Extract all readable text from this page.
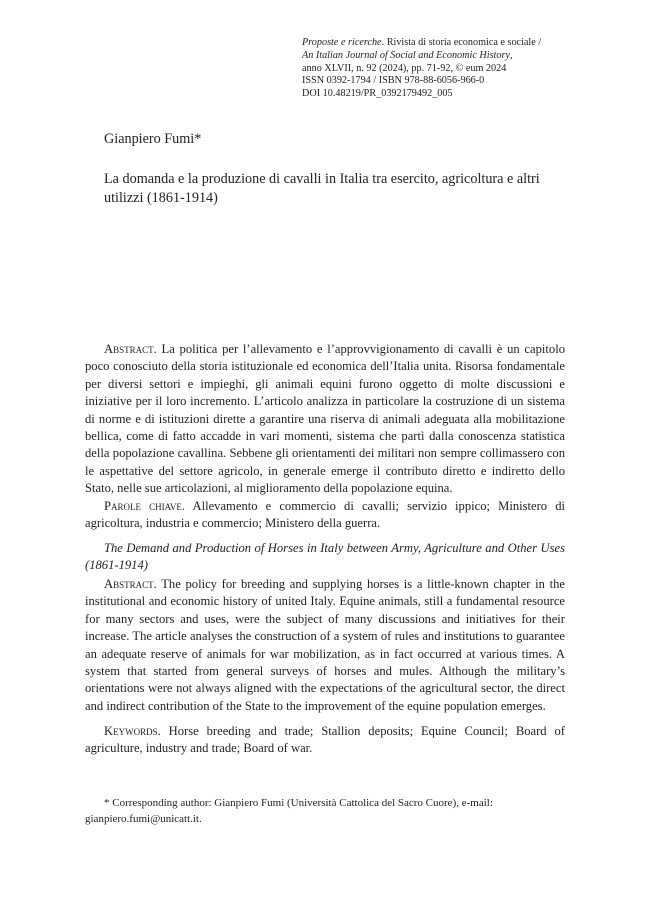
Proposte e ricerche. Rivista di storia economica e sociale /
An Italian Journal of Social and Economic History,
anno XLVII, n. 92 (2024), pp. 71-92, © eum 2024
ISSN 0392-1794 / ISBN 978-88-6056-966-0
DOI 10.48219/PR_0392179492_005
Gianpiero Fumi*
La domanda e la produzione di cavalli in Italia tra esercito, agricoltura e altri utilizzi (1861-1914)

Abstract. La politica per l’allevamento e l’approvvigionamento di cavalli è un capitolo poco conosciuto della storia istituzionale ed economica dell’Italia unita. Risorsa fondamentale per diversi settori e impieghi, gli animali equini furono oggetto di molte discussioni e iniziative per il loro incremento. L’articolo analizza in particolare la costruzione di un sistema di norme e di istituzioni dirette a garantire una riserva di animali adeguata alla mobilitazione bellica, come di fatto accadde in vari momenti, sistema che partì dalla conoscenza statistica della popolazione cavallina. Sebbene gli orientamenti dei militari non sempre collimassero con le aspettative del settore agricolo, in generale emerge il contributo diretto e indiretto dello Stato, nelle sue articolazioni, al miglioramento della popolazione equina.

Parole chiave. Allevamento e commercio di cavalli; servizio ippico; Ministero di agricoltura, industria e commercio; Ministero della guerra.

The Demand and Production of Horses in Italy between Army, Agriculture and Other Uses (1861-1914)

Abstract. The policy for breeding and supplying horses is a little-known chapter in the institutional and economic history of united Italy. Equine animals, still a fundamental resource for many sectors and uses, were the subject of many discussions and initiatives for their increase. The article analyses the construction of a system of rules and institutions to guarantee an adequate reserve of animals for war mobilization, as in fact occurred at various times. A system that started from general surveys of horses and mules. Although the military’s orientations were not always aligned with the expectations of the agricultural sector, the direct and indirect contribution of the State to the improvement of the equine population emerges.

Keywords. Horse breeding and trade; Stallion deposits; Equine Council; Board of agriculture, industry and trade; Board of war.

* Corresponding author: Gianpiero Fumi (Università Cattolica del Sacro Cuore), e-mail: gianpiero.fumi@unicatt.it.
